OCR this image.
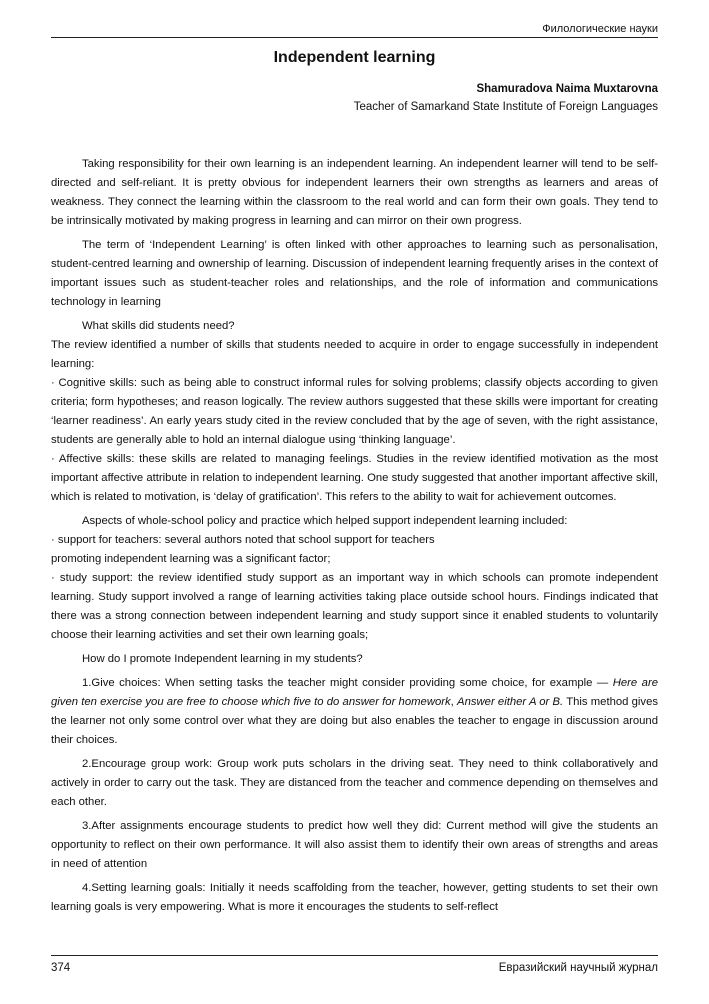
Филологические науки
Independent learning
Shamuradova Naima Muxtarovna
Teacher of Samarkand State Institute of Foreign Languages

Taking responsibility for their own learning is an independent learning. An independent learner will tend to be self-directed and self-reliant. It is pretty obvious for independent learners their own strengths as learners and areas of weakness. They connect the learning within the classroom to the real world and can form their own goals. They tend to be intrinsically motivated by making progress in learning and can mirror on their own progress.

The term of ‘Independent Learning’ is often linked with other approaches to learning such as personalisation, student-centred learning and ownership of learning. Discussion of independent learning frequently arises in the context of important issues such as student-teacher roles and relationships, and the role of information and communications technology in learning

What skills did students need?

The review identified a number of skills that students needed to acquire in order to engage successfully in independent learning:

· Cognitive skills: such as being able to construct informal rules for solving problems; classify objects according to given criteria; form hypotheses; and reason logically. The review authors suggested that these skills were important for creating ‘learner readiness’. An early years study cited in the review concluded that by the age of seven, with the right assistance, students are generally able to hold an internal dialogue using ‘thinking language’.

· Affective skills: these skills are related to managing feelings. Studies in the review identified motivation as the most important affective attribute in relation to independent learning. One study suggested that another important affective skill, which is related to motivation, is ‘delay of gratification’. This refers to the ability to wait for achievement outcomes.

Aspects of whole-school policy and practice which helped support independent learning included:

· support for teachers: several authors noted that school support for teachers

promoting independent learning was a significant factor;

· study support: the review identified study support as an important way in which schools can promote independent learning. Study support involved a range of learning activities taking place outside school hours. Findings indicated that there was a strong connection between independent learning and study support since it enabled students to voluntarily choose their learning activities and set their own learning goals;

How do I promote Independent learning in my students?

1.Give choices: When setting tasks the teacher might consider providing some choice, for example — Here are given ten exercise you are free to choose which five to do answer for homework, Answer either A or B. This method gives the learner not only some control over what they are doing but also enables the teacher to engage in discussion around their choices.

2.Encourage group work: Group work puts scholars in the driving seat. They need to think collaboratively and actively in order to carry out the task. They are distanced from the teacher and commence depending on themselves and each other.

3.After assignments encourage students to predict how well they did: Current method will give the students an opportunity to reflect on their own performance. It will also assist them to identify their own areas of strengths and areas in need of attention

4.Setting learning goals: Initially it needs scaffolding from the teacher, however, getting students to set their own learning goals is very empowering. What is more it encourages the students to self-reflect

374	Евразийский научный журнал
